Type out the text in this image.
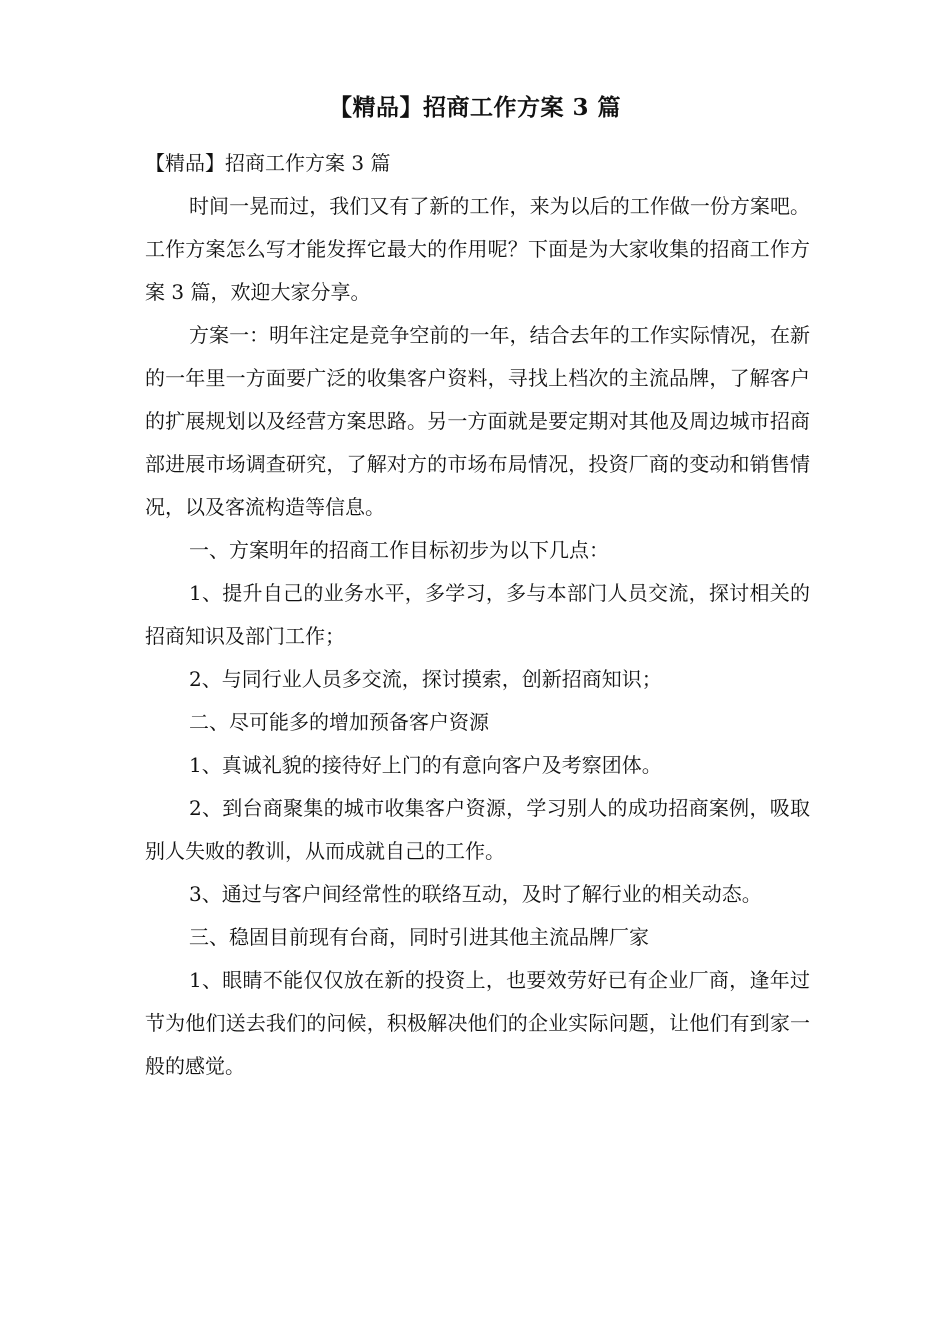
【精品】招商工作方案 3 篇

【精品】招商工作方案 3 篇

时间一晃而过，我们又有了新的工作，来为以后的工作做一份方案吧。工作方案怎么写才能发挥它最大的作用呢？下面是为大家收集的招商工作方案 3 篇，欢迎大家分享。

方案一：明年注定是竞争空前的一年，结合去年的工作实际情况，在新的一年里一方面要广泛的收集客户资料，寻找上档次的主流品牌，了解客户的扩展规划以及经营方案思路。另一方面就是要定期对其他及周边城市招商部进展市场调查研究，了解对方的市场布局情况，投资厂商的变动和销售情况，以及客流构造等信息。

一、方案明年的招商工作目标初步为以下几点：

1、提升自己的业务水平，多学习，多与本部门人员交流，探讨相关的招商知识及部门工作；

2、与同行业人员多交流，探讨摸索，创新招商知识；

二、尽可能多的增加预备客户资源

1、真诚礼貌的接待好上门的有意向客户及考察团体。

2、到台商聚集的城市收集客户资源，学习别人的成功招商案例，吸取别人失败的教训，从而成就自己的工作。

3、通过与客户间经常性的联络互动，及时了解行业的相关动态。

三、稳固目前现有台商，同时引进其他主流品牌厂家

1、眼睛不能仅仅放在新的投资上，也要效劳好已有企业厂商，逢年过节为他们送去我们的问候，积极解决他们的企业实际问题，让他们有到家一般的感觉。
